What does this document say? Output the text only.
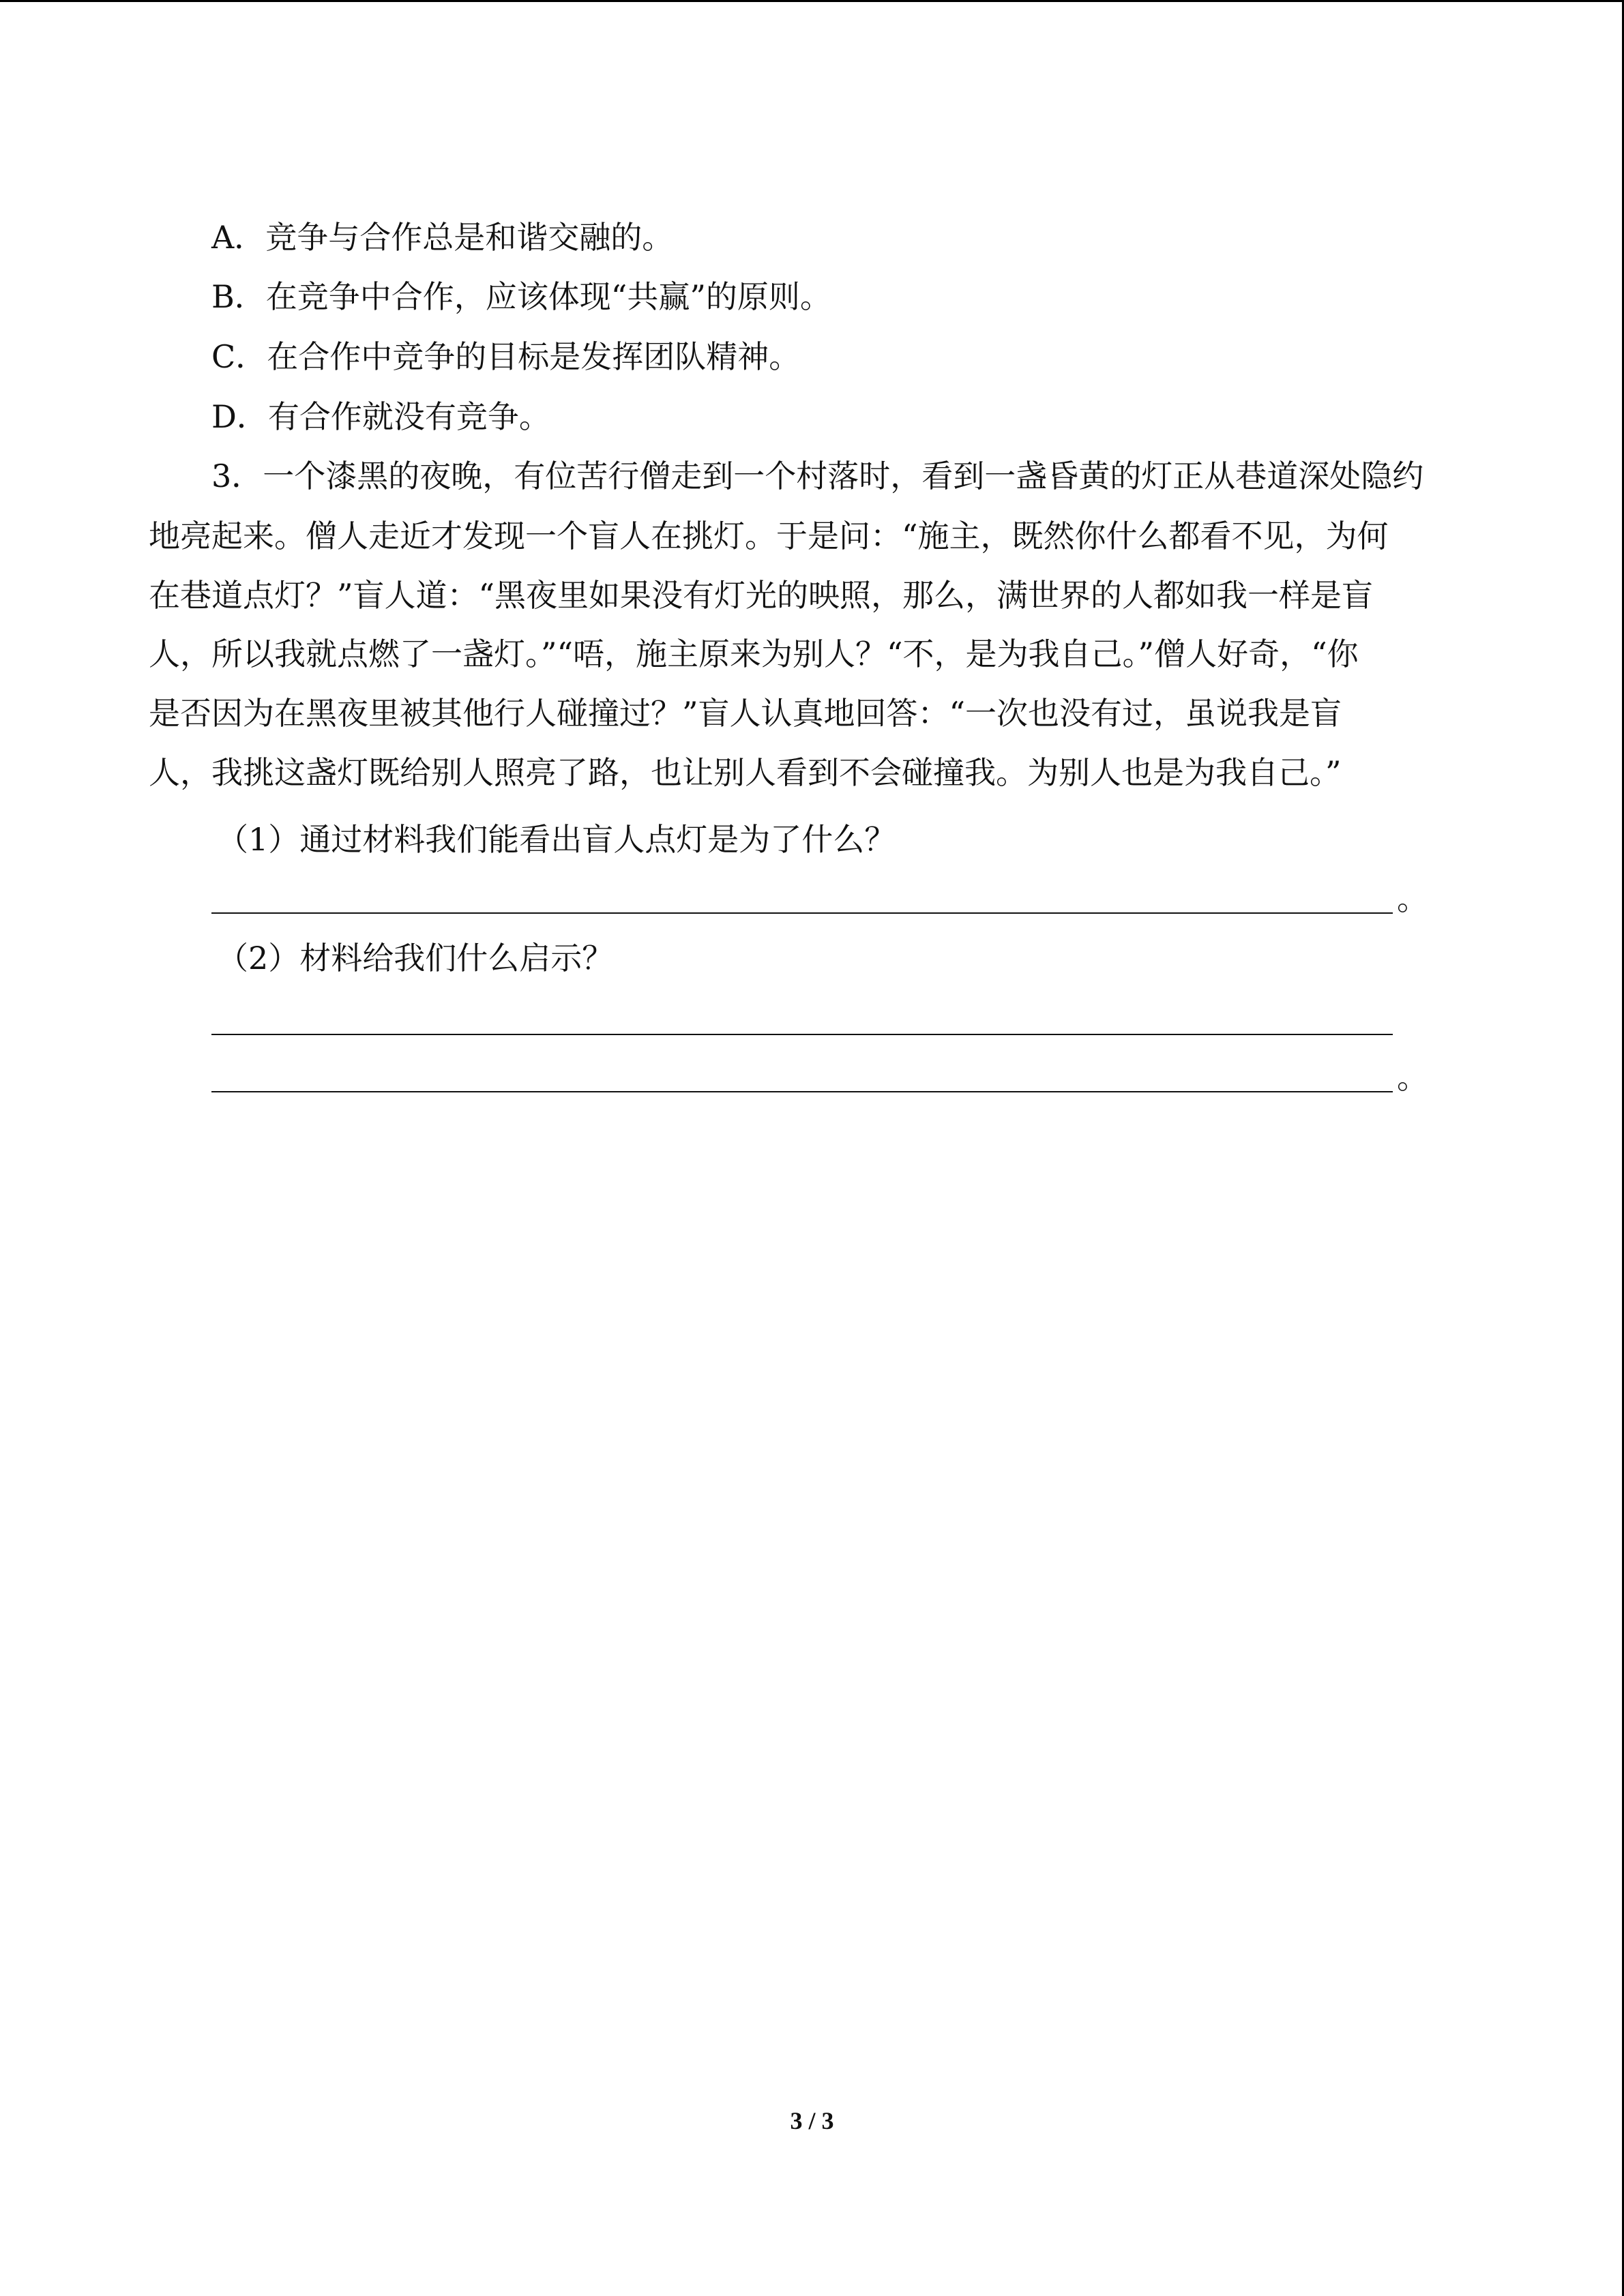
A．竞争与合作总是和谐交融的。
B．在竞争中合作，应该体现“共赢”的原则。
C．在合作中竞争的目标是发挥团队精神。
D．有合作就没有竞争。
3．一个漆黑的夜晚，有位苦行僧走到一个村落时，看到一盏昏黄的灯正从巷道深处隐约
地亮起来。僧人走近才发现一个盲人在挑灯。于是问：“施主，既然你什么都看不见，为何
在巷道点灯？”盲人道：“黑夜里如果没有灯光的映照，那么，满世界的人都如我一样是盲
人，所以我就点燃了一盏灯。”“唔，施主原来为别人？“不，是为我自己。”僧人好奇，“你
是否因为在黑夜里被其他行人碰撞过？”盲人认真地回答：“一次也没有过，虽说我是盲
人，我挑这盏灯既给别人照亮了路，也让别人看到不会碰撞我。为别人也是为我自己。”
（1）通过材料我们能看出盲人点灯是为了什么？
。
（2）材料给我们什么启示？
。
3 / 3
